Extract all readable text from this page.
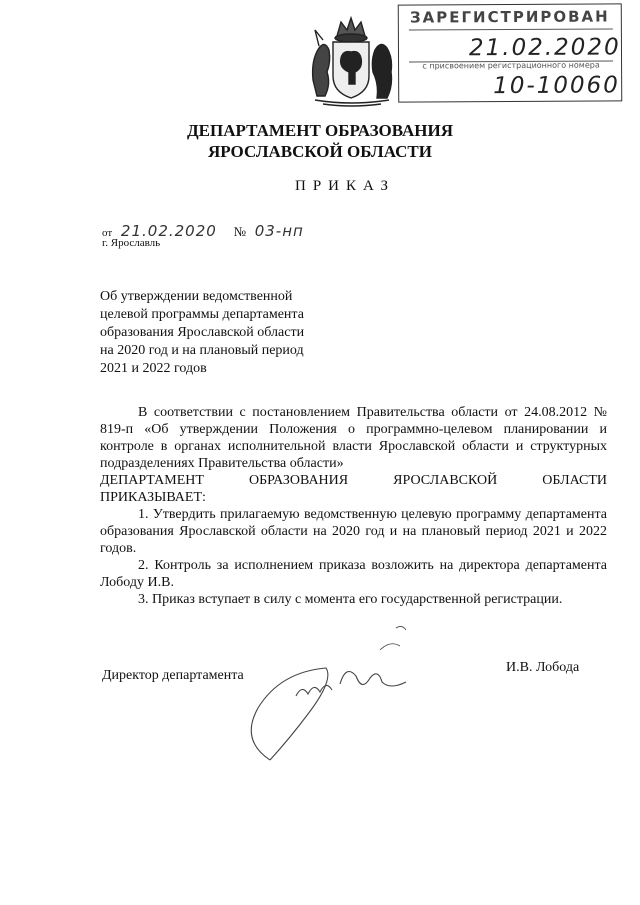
ЗАРЕГИСТРИРОВАН
21.02.2020
с присвоением регистрационного номера
10-10060
ДЕПАРТАМЕНТ ОБРАЗОВАНИЯ
ЯРОСЛАВСКОЙ ОБЛАСТИ
ПРИКАЗ
от 21.02.2020 № 03-нп
г. Ярославль
Об утверждении ведомственной
целевой программы департамента
образования Ярославской области
на 2020 год и на плановый период
2021 и 2022 годов
В соответствии с постановлением Правительства области от 24.08.2012 № 819-п «Об утверждении Положения о программно-целевом планировании и контроле в органах исполнительной власти Ярославской области и структурных подразделениях Правительства области»
ДЕПАРТАМЕНТ ОБРАЗОВАНИЯ ЯРОСЛАВСКОЙ ОБЛАСТИ
ПРИКАЗЫВАЕТ:
1. Утвердить прилагаемую ведомственную целевую программу департамента образования Ярославской области на 2020 год и на плановый период 2021 и 2022 годов.
2. Контроль за исполнением приказа возложить на директора департамента Лободу И.В.
3. Приказ вступает в силу с момента его государственной регистрации.
Директор департамента
И.В. Лобода
